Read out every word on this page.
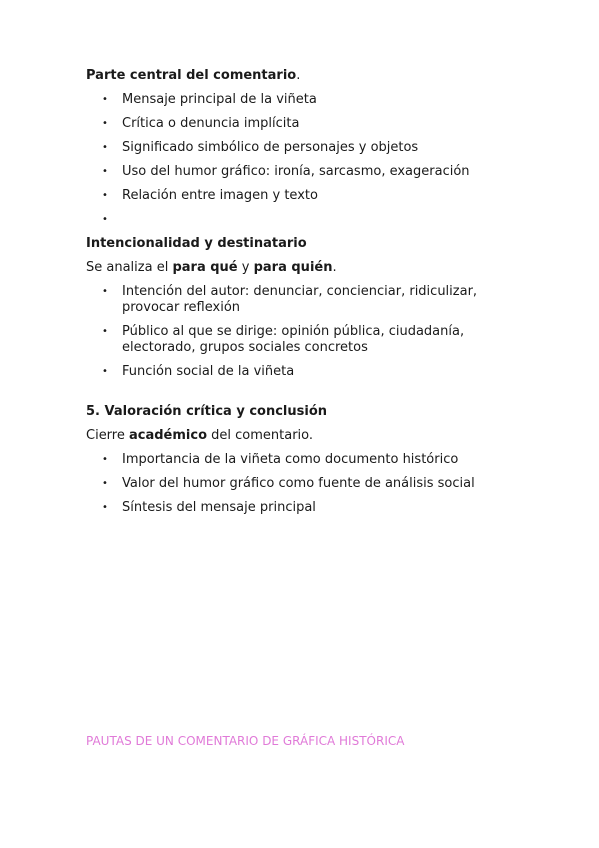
Parte central del comentario.

• Mensaje principal de la viñeta
• Crítica o denuncia implícita
• Significado simbólico de personajes y objetos
• Uso del humor gráfico: ironía, sarcasmo, exageración
• Relación entre imagen y texto
•

Intencionalidad y destinatario

Se analiza el para qué y para quién.

• Intención del autor: denunciar, concienciar, ridiculizar, provocar reflexión
• Público al que se dirige: opinión pública, ciudadanía, electorado, grupos sociales concretos
• Función social de la viñeta

5. Valoración crítica y conclusión

Cierre académico del comentario.

• Importancia de la viñeta como documento histórico
• Valor del humor gráfico como fuente de análisis social
• Síntesis del mensaje principal
PAUTAS DE UN COMENTARIO DE GRÁFICA HISTÓRICA
